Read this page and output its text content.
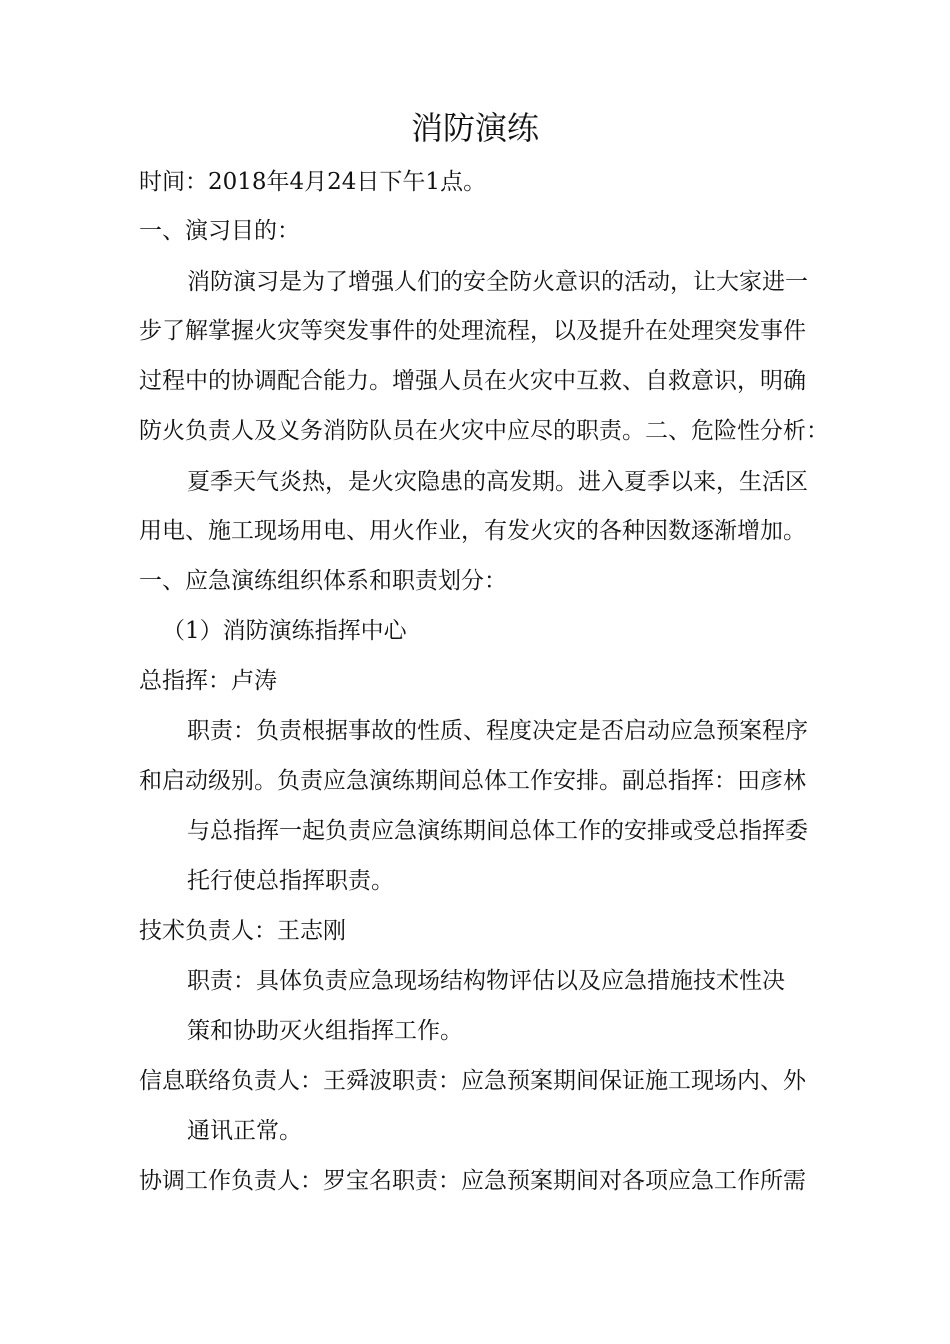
消防演练
时间：2018年4月24日下午1点。
一、演习目的：
消防演习是为了增强人们的安全防火意识的活动，让大家进一
步了解掌握火灾等突发事件的处理流程，以及提升在处理突发事件
过程中的协调配合能力。增强人员在火灾中互救、自救意识，明确
防火负责人及义务消防队员在火灾中应尽的职责。二、危险性分析：
夏季天气炎热，是火灾隐患的高发期。进入夏季以来，生活区
用电、施工现场用电、用火作业，有发火灾的各种因数逐渐增加。
一、应急演练组织体系和职责划分：
（1）消防演练指挥中心
总指挥：卢涛
职责：负责根据事故的性质、程度决定是否启动应急预案程序
和启动级别。负责应急演练期间总体工作安排。副总指挥：田彦林
与总指挥一起负责应急演练期间总体工作的安排或受总指挥委
托行使总指挥职责。
技术负责人：王志刚
职责：具体负责应急现场结构物评估以及应急措施技术性决
策和协助灭火组指挥工作。
信息联络负责人：王舜波职责：应急预案期间保证施工现场内、外
通讯正常。
协调工作负责人：罗宝名职责：应急预案期间对各项应急工作所需
